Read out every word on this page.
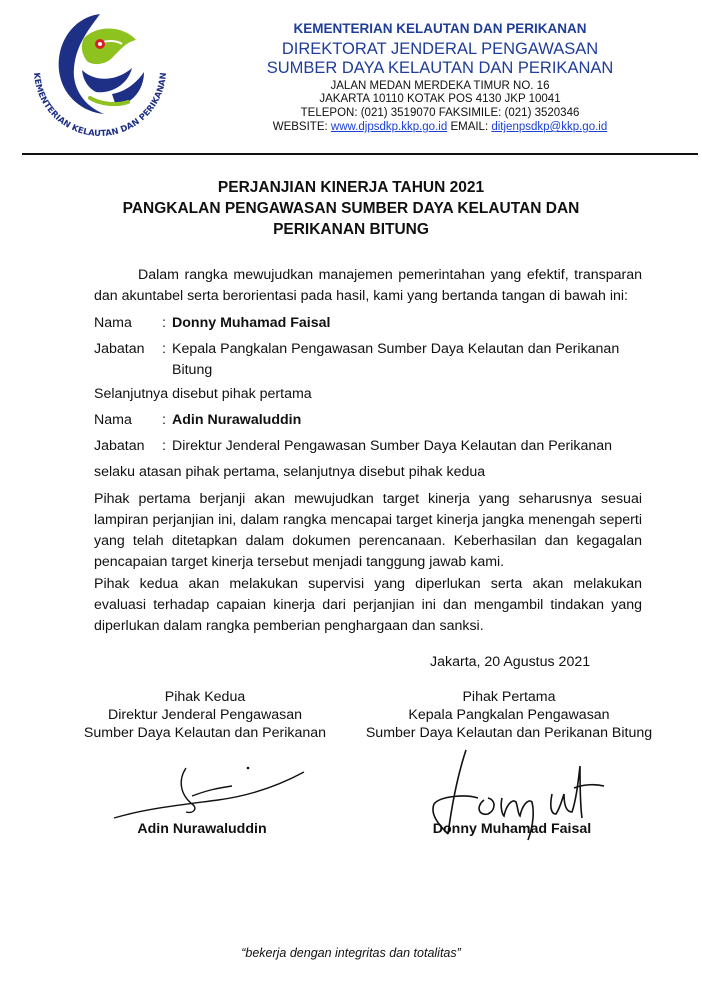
KEMENTERIAN KELAUTAN DAN PERIKANAN
KEMENTERIAN KELAUTAN DAN PERIKANAN
DIREKTORAT JENDERAL PENGAWASAN
SUMBER DAYA KELAUTAN DAN PERIKANAN
JALAN MEDAN MERDEKA TIMUR NO. 16
JAKARTA 10110 KOTAK POS 4130 JKP 10041
TELEPON: (021) 3519070 FAKSIMILE: (021) 3520346
WEBSITE: www.djpsdkp.kkp.go.id EMAIL: ditjenpsdkp@kkp.go.id
PERJANJIAN KINERJA TAHUN 2021
PANGKALAN PENGAWASAN SUMBER DAYA KELAUTAN DAN
PERIKANAN BITUNG
Dalam rangka mewujudkan manajemen pemerintahan yang efektif, transparan dan akuntabel serta berorientasi pada hasil, kami yang bertanda tangan di bawah ini:
Nama : Donny Muhamad Faisal
Jabatan : Kepala Pangkalan Pengawasan Sumber Daya Kelautan dan Perikanan Bitung
Selanjutnya disebut pihak pertama
Nama : Adin Nurawaluddin
Jabatan : Direktur Jenderal Pengawasan Sumber Daya Kelautan dan Perikanan
selaku atasan pihak pertama, selanjutnya disebut pihak kedua
Pihak pertama berjanji akan mewujudkan target kinerja yang seharusnya sesuai lampiran perjanjian ini, dalam rangka mencapai target kinerja jangka menengah seperti yang telah ditetapkan dalam dokumen perencanaan. Keberhasilan dan kegagalan pencapaian target kinerja tersebut menjadi tanggung jawab kami.
Pihak kedua akan melakukan supervisi yang diperlukan serta akan melakukan evaluasi terhadap capaian kinerja dari perjanjian ini dan mengambil tindakan yang diperlukan dalam rangka pemberian penghargaan dan sanksi.
Jakarta, 20 Agustus 2021
Pihak Kedua
Direktur Jenderal Pengawasan
Sumber Daya Kelautan dan Perikanan
Adin Nurawaluddin
Pihak Pertama
Kepala Pangkalan Pengawasan
Sumber Daya Kelautan dan Perikanan Bitung
Donny Muhamad Faisal
“bekerja dengan integritas dan totalitas”
